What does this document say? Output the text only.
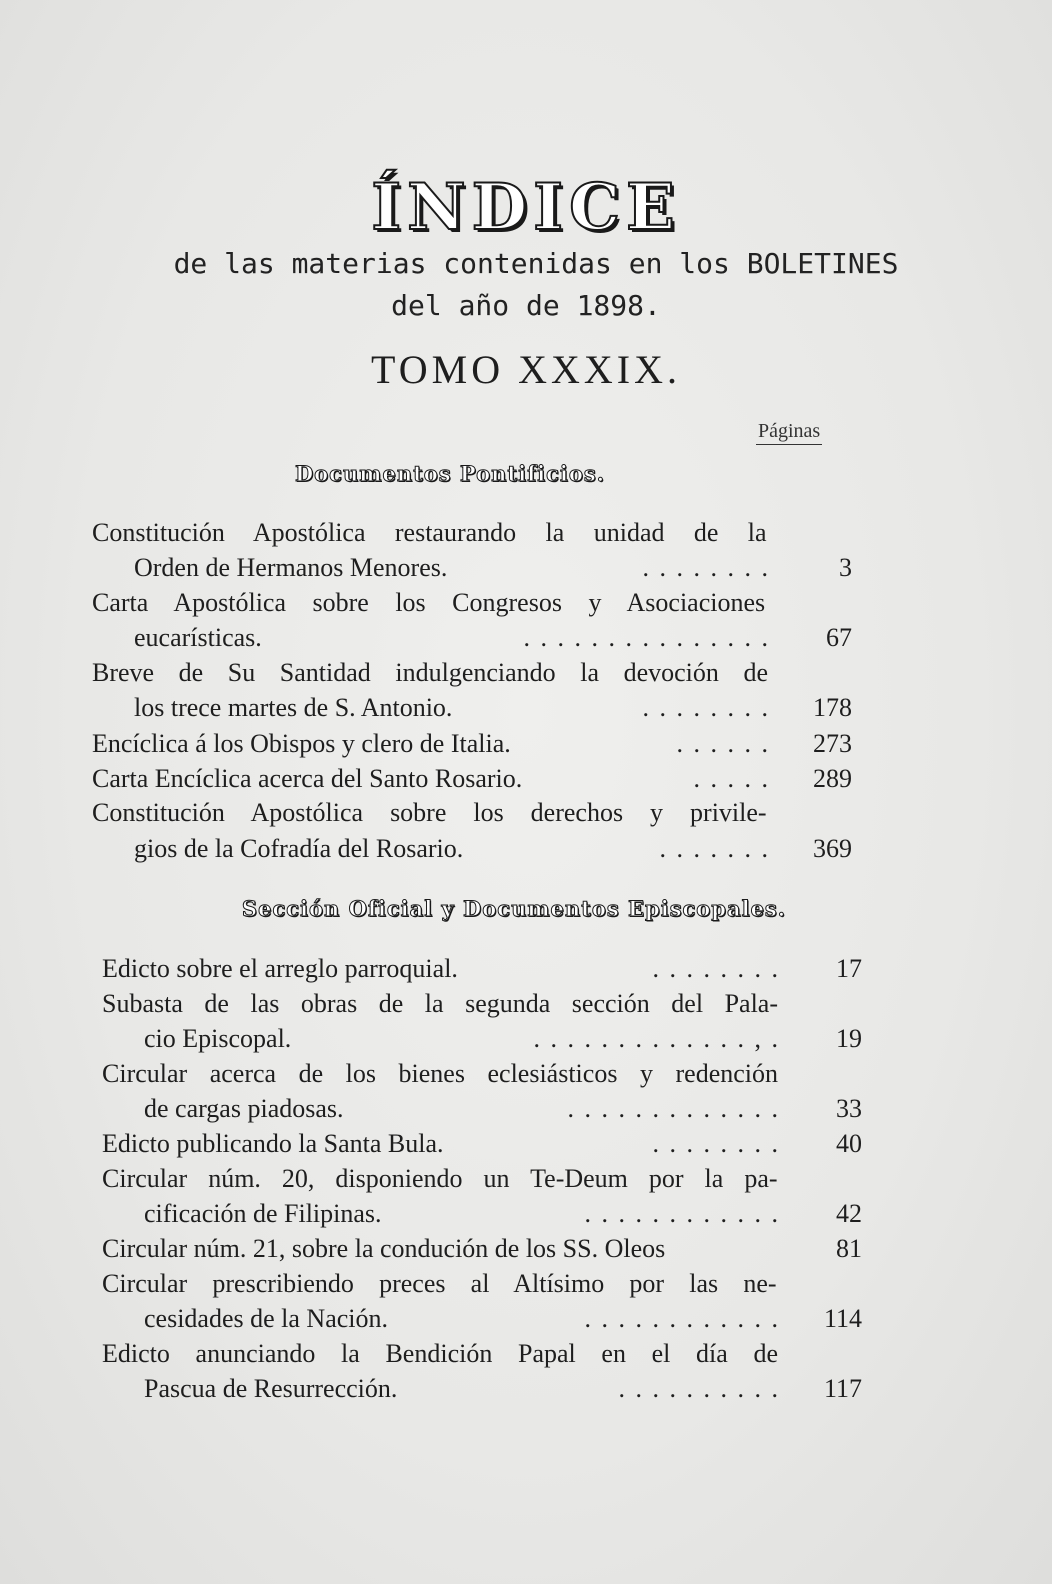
ÍNDICE
de las materias contenidas en los BOLETINES
del año de 1898.
TOMO XXXIX.
Páginas
Documentos Pontificios.
Sección Oficial y Documentos Episcopales.
Constitución Apostólica restaurando la unidad de la
Orden de Hermanos Menores.	. . . . . . . .	3
Carta Apostólica sobre los Congresos y Asociaciones
eucarísticas.	. . . . . . . . . . . . . . .	67
Breve de Su Santidad indulgenciando la devoción de
los trece martes de S. Antonio.	. . . . . . . .	178
Encíclica á los Obispos y clero de Italia.	. . . . . .	273
Carta Encíclica acerca del Santo Rosario.	. . . . .	289
Constitución Apostólica sobre los derechos y privile-
gios de la Cofradía del Rosario.	. . . . . . .	369
Edicto sobre el arreglo parroquial.	. . . . . . . .	17
Subasta de las obras de la segunda sección del Pala-
cio Episcopal.	. . . . . . . . . . . . . , .	19
Circular acerca de los bienes eclesiásticos y redención
de cargas piadosas.	. . . . . . . . . . . . .	33
Edicto publicando la Santa Bula.	. . . . . . . .	40
Circular núm. 20, disponiendo un Te-Deum por la pa-
cificación de Filipinas.	. . . . . . . . . . . .	42
Circular núm. 21, sobre la condución de los SS. Oleos	81
Circular prescribiendo preces al Altísimo por las ne-
cesidades de la Nación.	. . . . . . . . . . . .	114
Edicto anunciando la Bendición Papal en el día de
Pascua de Resurrección.	. . . . . . . . . .	117
